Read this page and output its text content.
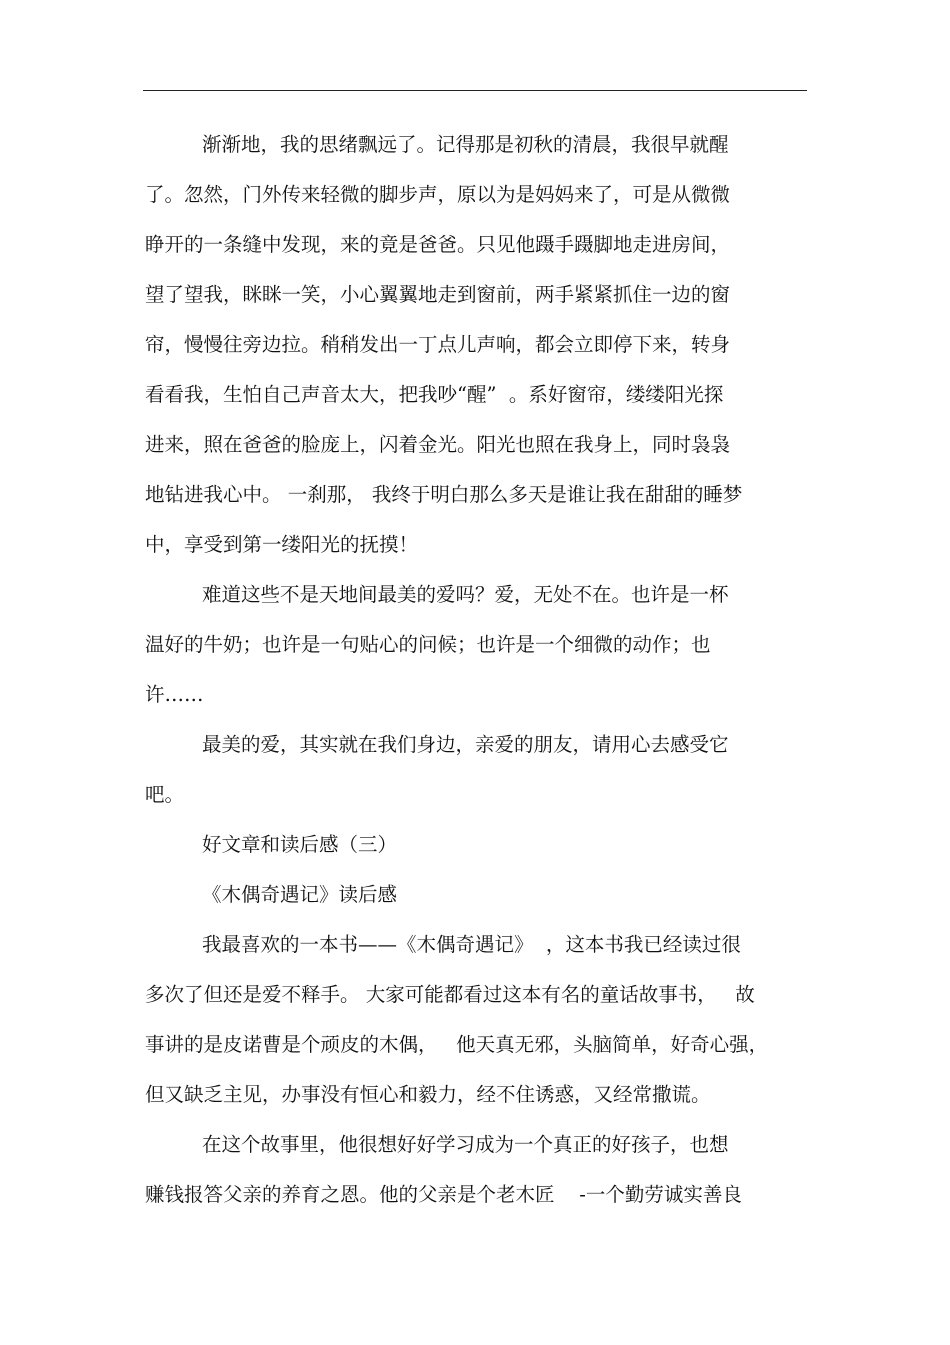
渐渐地，我的思绪飘远了。记得那是初秋的清晨，我很早就醒
了。忽然，门外传来轻微的脚步声，原以为是妈妈来了，可是从微微
睁开的一条缝中发现，来的竟是爸爸。只见他蹑手蹑脚地走进房间，
望了望我，眯眯一笑，小心翼翼地走到窗前，两手紧紧抓住一边的窗
帘，慢慢往旁边拉。稍稍发出一丁点儿声响，都会立即停下来，转身
看看我，生怕自己声音太大，把我吵“醒”  。系好窗帘，缕缕阳光探
进来，照在爸爸的脸庞上，闪着金光。阳光也照在我身上，同时袅袅
地钻进我心中。 一刹那， 我终于明白那么多天是谁让我在甜甜的睡梦
中，享受到第一缕阳光的抚摸！
难道这些不是天地间最美的爱吗？爱，无处不在。也许是一杯
温好的牛奶；也许是一句贴心的问候；也许是一个细微的动作；也
许……
最美的爱，其实就在我们身边，亲爱的朋友，请用心去感受它
吧。
好文章和读后感（三）
《木偶奇遇记》读后感
我最喜欢的一本书——《木偶奇遇记》  ，这本书我已经读过很
多次了但还是爱不释手。 大家可能都看过这本有名的童话故事书，   故
事讲的是皮诺曹是个顽皮的木偶，   他天真无邪，头脑简单，好奇心强，
但又缺乏主见，办事没有恒心和毅力，经不住诱惑，又经常撒谎。
在这个故事里，他很想好好学习成为一个真正的好孩子，也想
赚钱报答父亲的养育之恩。他的父亲是个老木匠    -一个勤劳诚实善良
